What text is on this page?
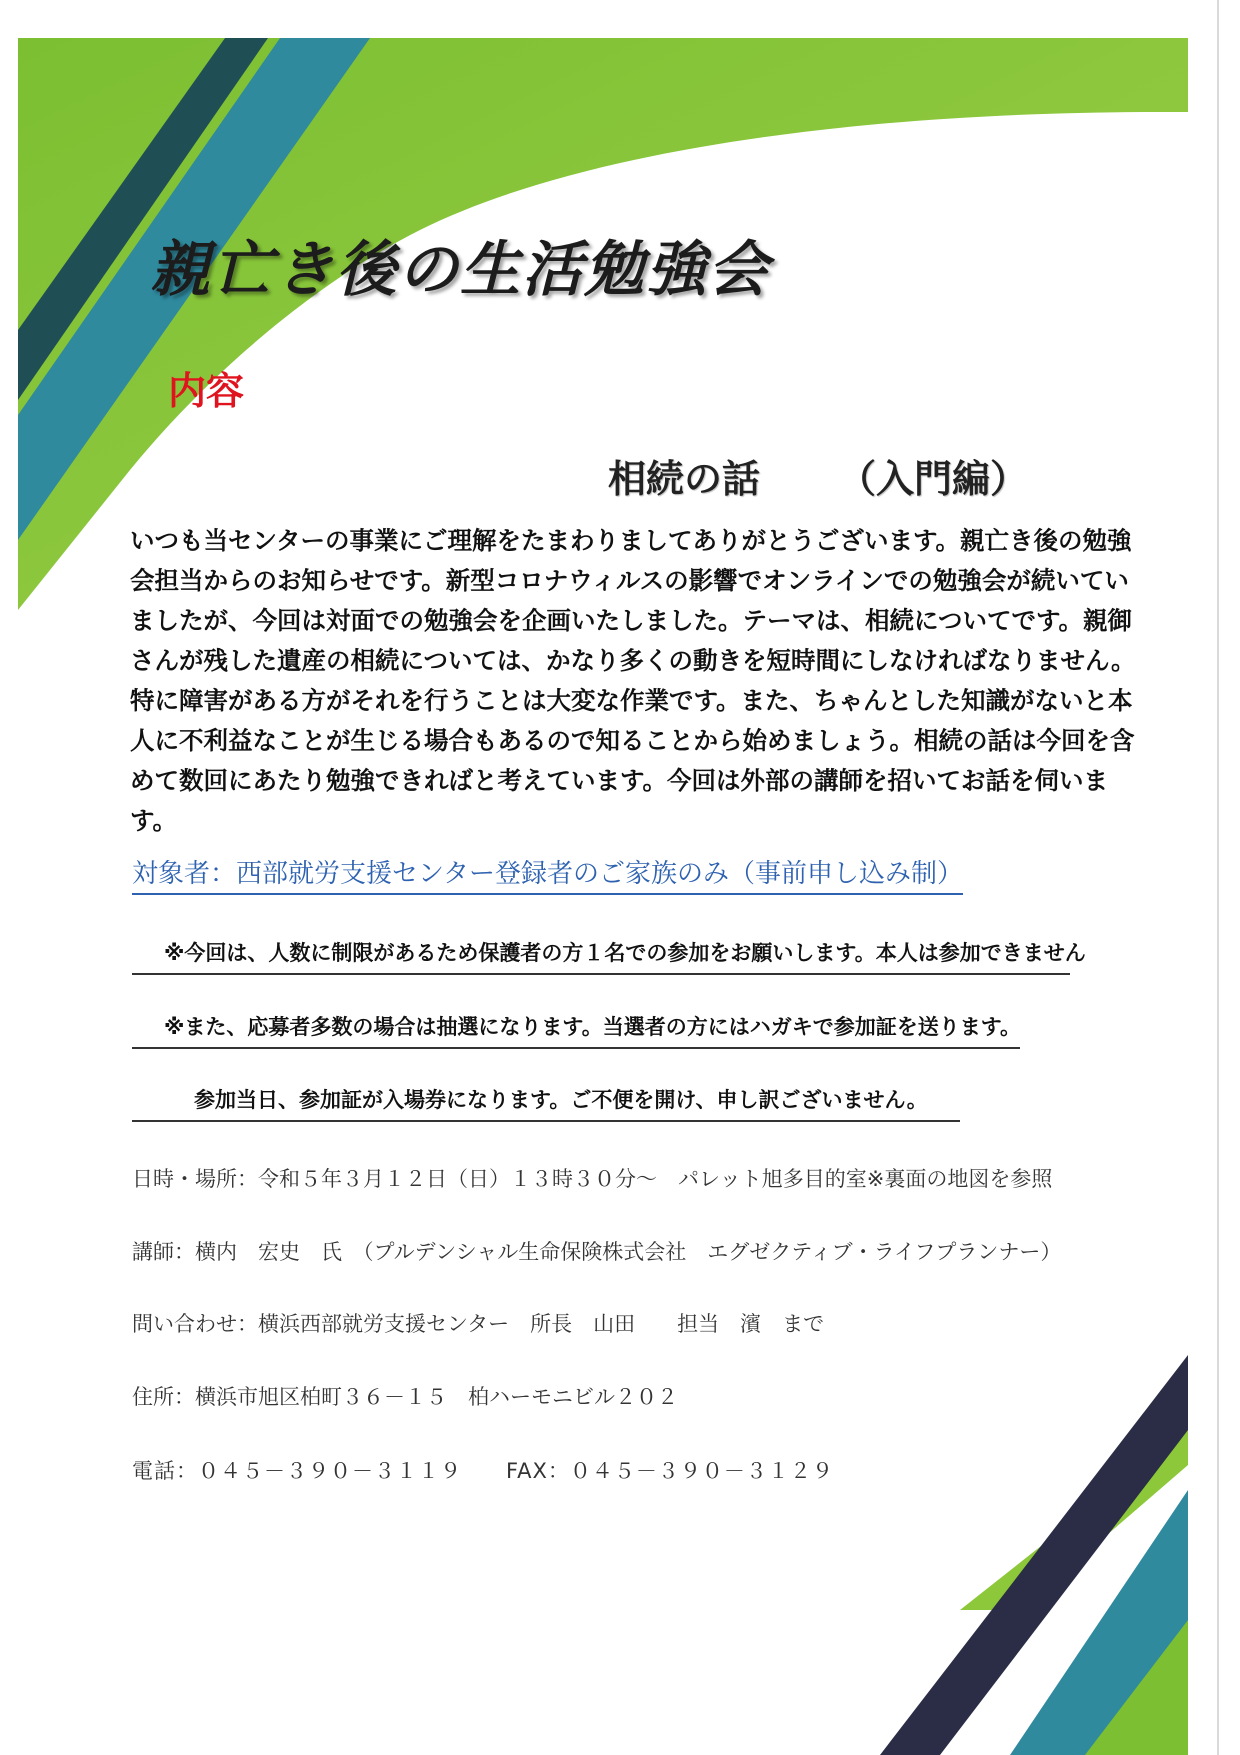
親亡き後の生活勉強会
内容
相続の話 （入門編）
いつも当センターの事業にご理解をたまわりましてありがとうございます。親亡き後の勉強
会担当からのお知らせです。新型コロナウィルスの影響でオンラインでの勉強会が続いてい
ましたが、今回は対面での勉強会を企画いたしました。テーマは、相続についてです。親御
さんが残した遺産の相続については、かなり多くの動きを短時間にしなければなりません。
特に障害がある方がそれを行うことは大変な作業です。また、ちゃんとした知識がないと本
人に不利益なことが生じる場合もあるので知ることから始めましょう。相続の話は今回を含
めて数回にあたり勉強できればと考えています。今回は外部の講師を招いてお話を伺いま
す。
対象者：西部就労支援センター登録者のご家族のみ（事前申し込み制）
※今回は、人数に制限があるため保護者の方１名での参加をお願いします。本人は参加できません
※また、応募者多数の場合は抽選になります。当選者の方にはハガキで参加証を送ります。
参加当日、参加証が入場券になります。ご不便を開け、申し訳ございません。
日時・場所：令和５年３月１２日（日）１３時３０分～　パレット旭多目的室※裏面の地図を参照
講師：横内　宏史　氏　（プルデンシャル生命保険株式会社　エグゼクティブ・ライフプランナー）
問い合わせ：横浜西部就労支援センター　所長　山田　　担当　濱　まで
住所：横浜市旭区柏町３６－１５　柏ハーモニビル２０２
電話：０４５－３９０－３１１９　　FAX：０４５－３９０－３１２９
